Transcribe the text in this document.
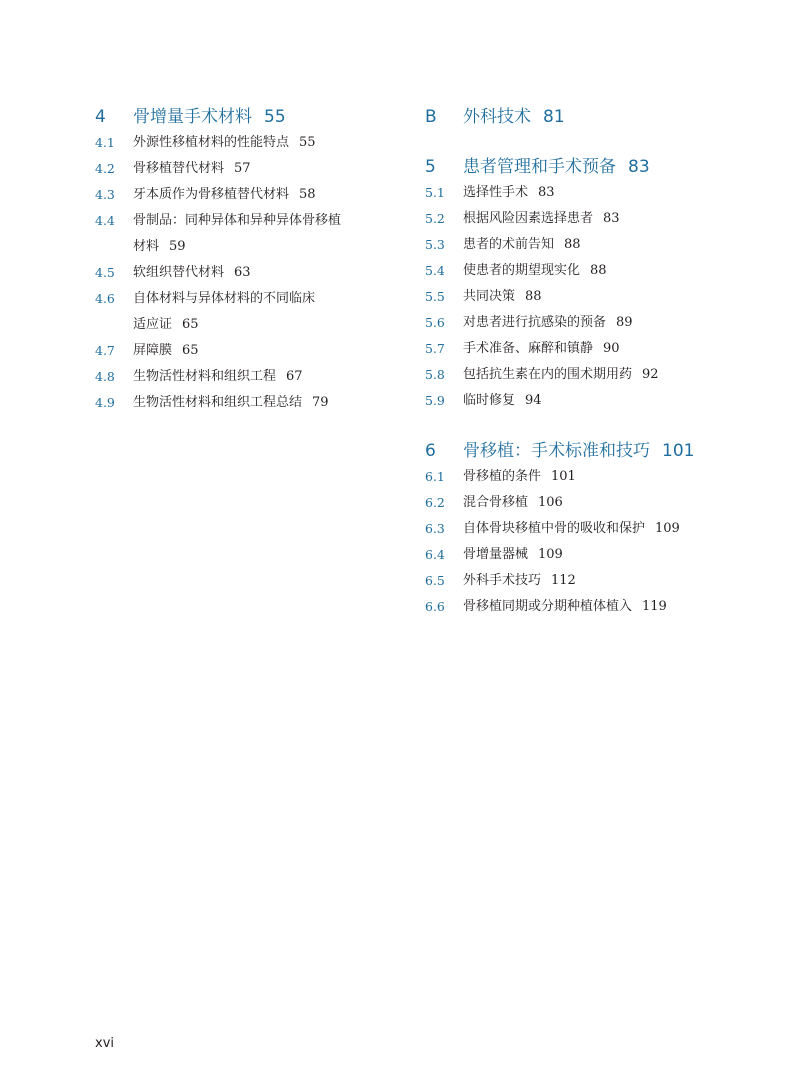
4	骨增量手术材料 55
4.1	外源性移植材料的性能特点 55
4.2	骨移植替代材料 57
4.3	牙本质作为骨移植替代材料 58
4.4	骨制品：同种异体和异种异体骨移植
材料 59
4.5	软组织替代材料 63
4.6	自体材料与异体材料的不同临床
适应证 65
4.7	屏障膜 65
4.8	生物活性材料和组织工程 67
4.9	生物活性材料和组织工程总结 79
B	外科技术 81
5	患者管理和手术预备 83
5.1	选择性手术 83
5.2	根据风险因素选择患者 83
5.3	患者的术前告知 88
5.4	使患者的期望现实化 88
5.5	共同决策 88
5.6	对患者进行抗感染的预备 89
5.7	手术准备、麻醉和镇静 90
5.8	包括抗生素在内的围术期用药 92
5.9	临时修复 94
6	骨移植：手术标准和技巧 101
6.1	骨移植的条件 101
6.2	混合骨移植 106
6.3	自体骨块移植中骨的吸收和保护 109
6.4	骨增量器械 109
6.5	外科手术技巧 112
6.6	骨移植同期或分期种植体植入 119
xvi
